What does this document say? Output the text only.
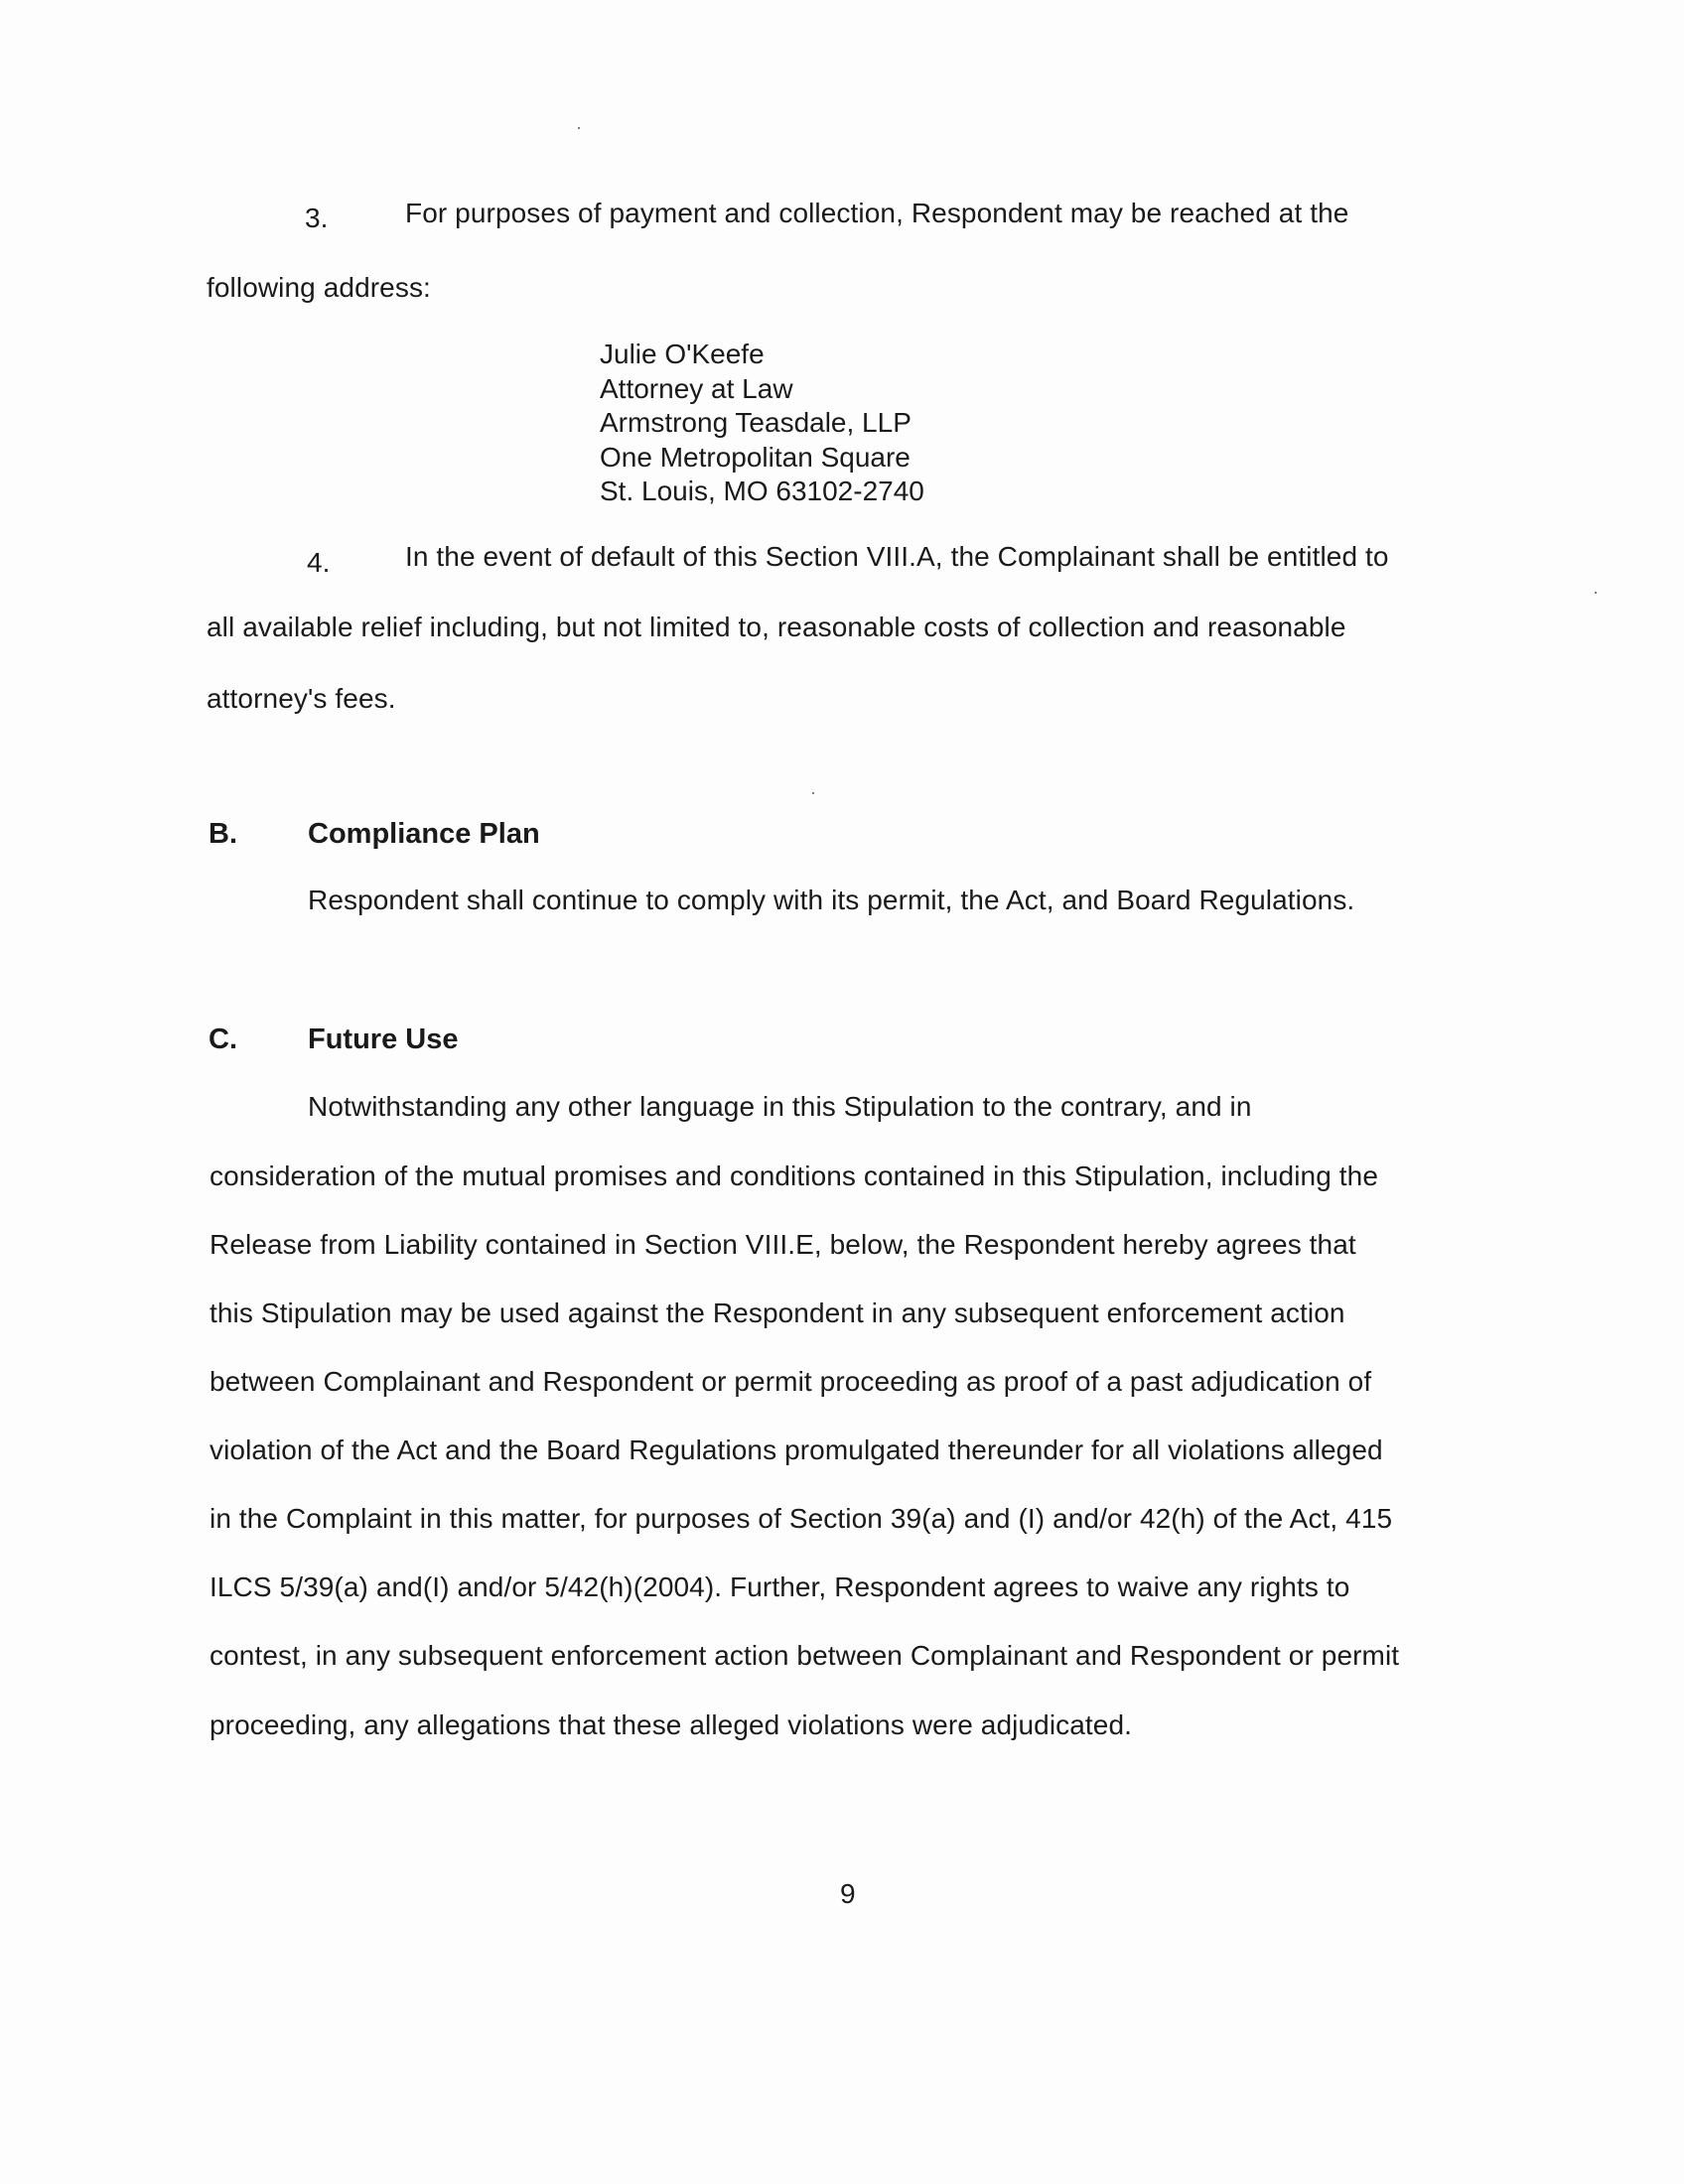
3.	For purposes of payment and collection, Respondent may be reached at the
following address:
Julie O'Keefe
Attorney at Law
Armstrong Teasdale, LLP
One Metropolitan Square
St. Louis, MO 63102-2740
4.	In the event of default of this Section VIII.A, the Complainant shall be entitled to
all available relief including, but not limited to, reasonable costs of collection and reasonable
attorney's fees.
B. Compliance Plan
Respondent shall continue to comply with its permit, the Act, and Board Regulations.
C. Future Use
Notwithstanding any other language in this Stipulation to the contrary, and in
consideration of the mutual promises and conditions contained in this Stipulation, including the
Release from Liability contained in Section VIII.E, below, the Respondent hereby agrees that
this Stipulation may be used against the Respondent in any subsequent enforcement action
between Complainant and Respondent or permit proceeding as proof of a past adjudication of
violation of the Act and the Board Regulations promulgated thereunder for all violations alleged
in the Complaint in this matter, for purposes of Section 39(a) and (I) and/or 42(h) of the Act, 415
ILCS 5/39(a) and(I) and/or 5/42(h)(2004). Further, Respondent agrees to waive any rights to
contest, in any subsequent enforcement action between Complainant and Respondent or permit
proceeding, any allegations that these alleged violations were adjudicated.
9
